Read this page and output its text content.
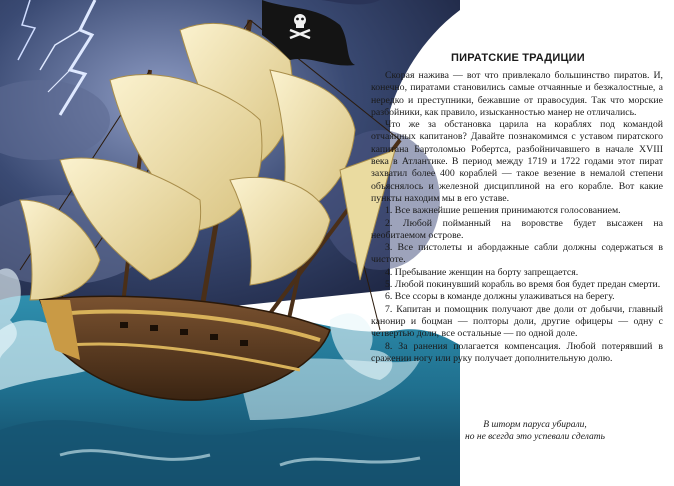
ПИРАТСКИЕ ТРАДИЦИИ

Скорая нажива — вот что привлекало большинство пиратов. И, конечно, пиратами становились самые отчаянные и безжалостные, а нередко и преступники, бежавшие от правосудия. Так что морские разбойники, как правило, изысканностью манер не отличались.

Что же за обстановка царила на кораблях под командой отчаянных капитанов? Давайте познакомимся с уставом пиратского капитана Бартоломью Робертса, разбойничавшего в начале XVIII века в Атлантике. В период между 1719 и 1722 годами этот пират захватил более 400 кораблей — такое везение в немалой степени объяснялось и железной дисциплиной на его корабле. Вот какие пункты находим мы в его уставе.

1. Все важнейшие решения принимаются голосованием.

2. Любой пойманный на воровстве будет высажен на необитаемом острове.

3. Все пистолеты и абордажные сабли должны содержаться в чистоте.

4. Пребывание женщин на борту запрещается.

5. Любой покинувший корабль во время боя будет предан смерти.

6. Все ссоры в команде должны улаживаться на берегу.

7. Капитан и помощник получают две доли от добычи, главный канонир и боцман — полторы доли, другие офицеры — одну с четвертью доли, все остальные — по одной доле.

8. За ранения полагается компенсация. Любой потерявший в сражении ногу или руку получает дополнительную долю.

В шторм паруса убирали,
но не всегда это успевали сделать
